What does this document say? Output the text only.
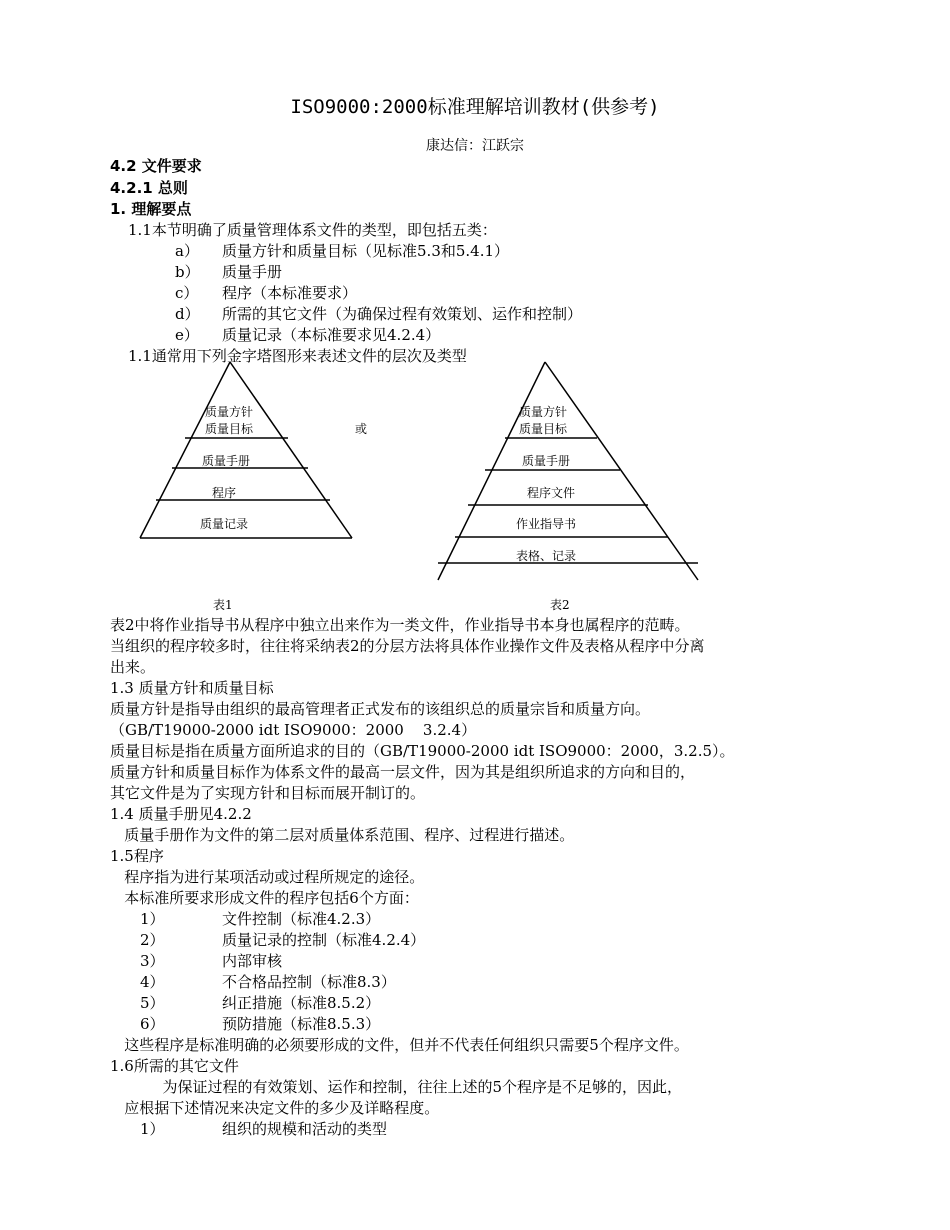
ISO9000:2000标准理解培训教材(供参考)
康达信：江跃宗
4.2 文件要求
4.2.1 总则
1. 理解要点
1.1本节明确了质量管理体系文件的类型，即包括五类：
a） 质量方针和质量目标（见标准5.3和5.4.1）
b） 质量手册
c） 程序（本标准要求）
d） 所需的其它文件（为确保过程有效策划、运作和控制）
e） 质量记录（本标准要求见4.2.4）
1.1通常用下列金字塔图形来表述文件的层次及类型
质量方针
质量目标
质量手册
程序
质量记录
或
质量方针
质量目标
质量手册
程序文件
作业指导书
表格、记录
表1	表2
表2中将作业指导书从程序中独立出来作为一类文件，作业指导书本身也属程序的范畴。
当组织的程序较多时，往往将采纳表2的分层方法将具体作业操作文件及表格从程序中分离
出来。
1.3 质量方针和质量目标
质量方针是指导由组织的最高管理者正式发布的该组织总的质量宗旨和质量方向。
（GB/T19000-2000 idt ISO9000：2000    3.2.4）
质量目标是指在质量方面所追求的目的（GB/T19000-2000 idt ISO9000：2000，3.2.5）。
质量方针和质量目标作为体系文件的最高一层文件，因为其是组织所追求的方向和目的，
其它文件是为了实现方针和目标而展开制订的。
1.4 质量手册见4.2.2
质量手册作为文件的第二层对质量体系范围、程序、过程进行描述。
1.5程序
程序指为进行某项活动或过程所规定的途径。
本标准所要求形成文件的程序包括6个方面：
1）	文件控制（标准4.2.3）
2）	质量记录的控制（标准4.2.4）
3）	内部审核
4）	不合格品控制（标准8.3）
5）	纠正措施（标准8.5.2）
6）	预防措施（标准8.5.3）
这些程序是标准明确的必须要形成的文件，但并不代表任何组织只需要5个程序文件。
1.6所需的其它文件
为保证过程的有效策划、运作和控制，往往上述的5个程序是不足够的，因此，
应根据下述情况来决定文件的多少及详略程度。
1）	组织的规模和活动的类型
